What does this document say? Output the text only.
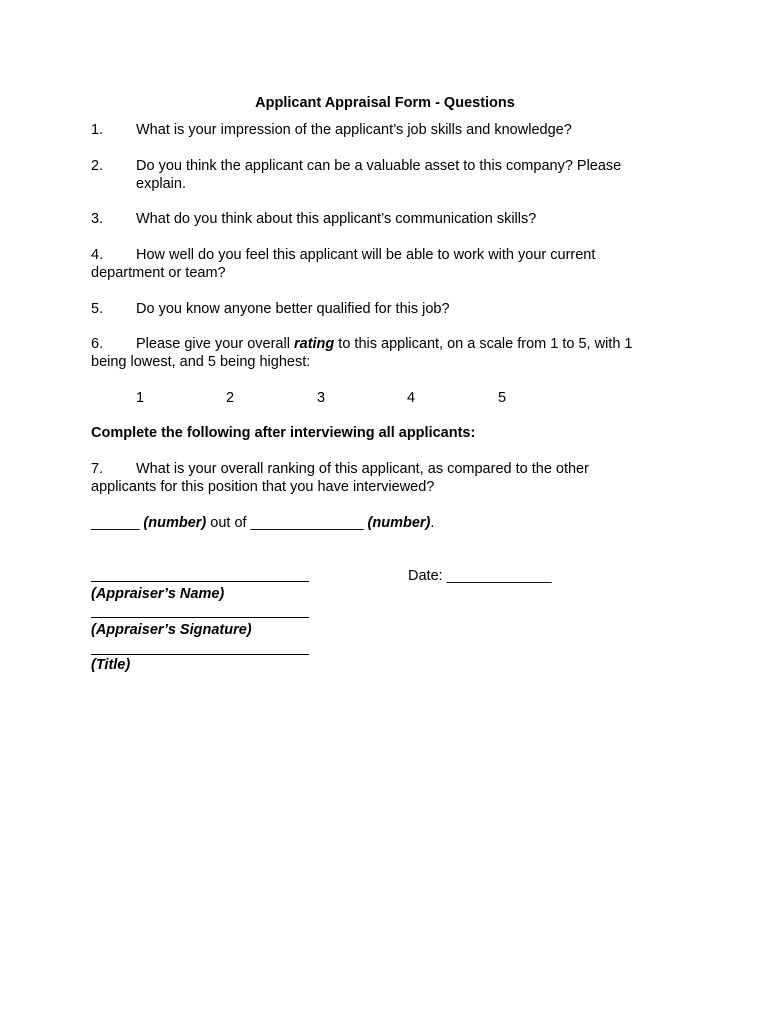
Applicant Appraisal Form - Questions
1. What is your impression of the applicant’s job skills and knowledge?
2. Do you think the applicant can be a valuable asset to this company? Please
explain.
3. What do you think about this applicant’s communication skills?
4. How well do you feel this applicant will be able to work with your current
department or team?
5. Do you know anyone better qualified for this job?
6. Please give your overall rating to this applicant, on a scale from 1 to 5, with 1
being lowest, and 5 being highest:
1	2	3	4	5
Complete the following after interviewing all applicants:
7. What is your overall ranking of this applicant, as compared to the other
applicants for this position that you have interviewed?
______ (number) out of ______________ (number).
Date: _____________
(Appraiser’s Name)
(Appraiser’s Signature)
(Title)
